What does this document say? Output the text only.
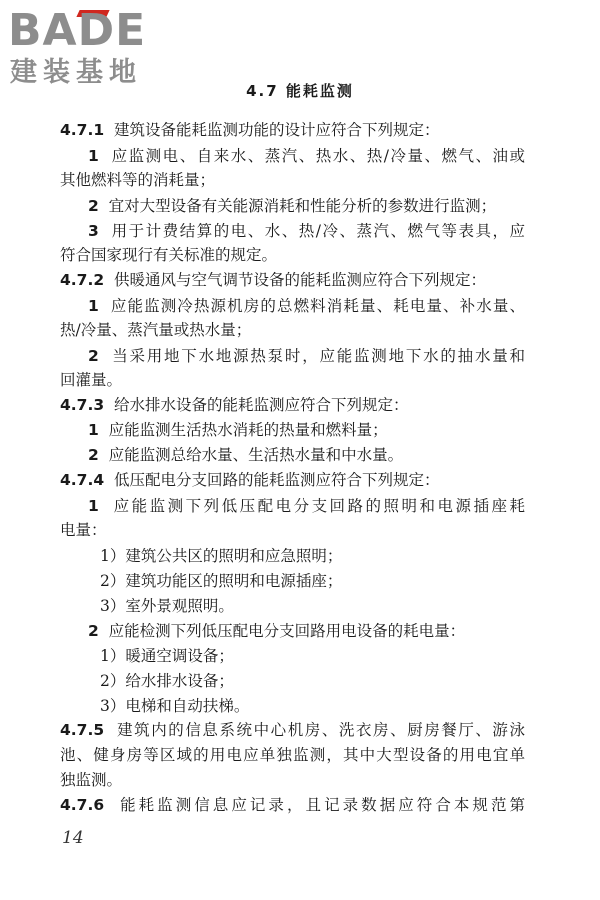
BADE
建装基地
4.7 能耗监测
4.7.1 建筑设备能耗监测功能的设计应符合下列规定：
1 应监测电、自来水、蒸汽、热水、热/冷量、燃气、油或
其他燃料等的消耗量；
2 宜对大型设备有关能源消耗和性能分析的参数进行监测；
3 用于计费结算的电、水、热/冷、蒸汽、燃气等表具，应
符合国家现行有关标准的规定。
4.7.2 供暖通风与空气调节设备的能耗监测应符合下列规定：
1 应能监测冷热源机房的总燃料消耗量、耗电量、补水量、
热/冷量、蒸汽量或热水量；
2 当采用地下水地源热泵时，应能监测地下水的抽水量和
回灌量。
4.7.3 给水排水设备的能耗监测应符合下列规定：
1 应能监测生活热水消耗的热量和燃料量；
2 应能监测总给水量、生活热水量和中水量。
4.7.4 低压配电分支回路的能耗监测应符合下列规定：
1 应能监测下列低压配电分支回路的照明和电源插座耗
电量：
1）建筑公共区的照明和应急照明；
2）建筑功能区的照明和电源插座；
3）室外景观照明。
2 应能检测下列低压配电分支回路用电设备的耗电量：
1）暖通空调设备；
2）给水排水设备；
3）电梯和自动扶梯。
4.7.5 建筑内的信息系统中心机房、洗衣房、厨房餐厅、游泳
池、健身房等区域的用电应单独监测，其中大型设备的用电宜单
独监测。
4.7.6 能耗监测信息应记录，且记录数据应符合本规范第
14
